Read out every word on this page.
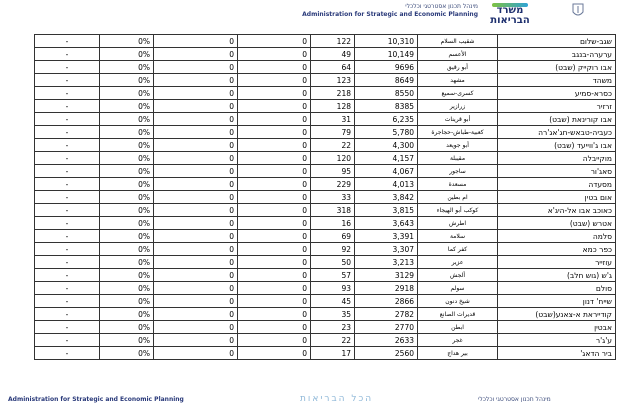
מינהל תכנון אסטרטגי וכלכלי
Administration for Strategic and Economic Planning	משרד הבריאות
שגב-שלום	شقيب السلام	10,310	122	0	0	0%	-
ערערה-בנגב	الأعسم	10,149	49	0	0	0%	-
אבו רוקייק (שבט)	أبو رقيق	9696	64	0	0	0%	-
משהד	مشهد	8649	123	0	0	0%	-
כסרא-סמיע	كسرى-سميع	8550	218	0	0	0%	-
זרזיר	زرازير	8385	128	0	0	0%	-
אבו קורינאת (שבט)	أبو قرينات	6,235	31	0	0	0%	-
כעביה-טבאש-חג'אג'רה	كعبية-طباش-حجاجرة	5,780	79	0	0	0%	-
אבו ג'ווייעד (שבט)	أبو جويعد	4,300	22	0	0	0%	-
מוקייבלה	مقيبلة	4,157	120	0	0	0%	-
סאג'ור	ساجور	4,067	95	0	0	0%	-
מסעדה	مسعدة	4,013	229	0	0	0%	-
אום בטין	ام بطين	3,842	33	0	0	0%	-
כאוכב אבו אל-היג'א	كوكب أبو الهيجاء	3,815	318	0	0	0%	-
אטרש (שבט)	اطرش	3,643	16	0	0	0%	-
סלמה	سلامة	3,391	69	0	0	0%	-
כפר כמא	كفر كما	3,307	92	0	0	0%	-
עוזייר	عزير	3,213	50	0	0	0%	-
ג'ש (גוש חלב)	ألجش	3129	57	0	0	0%	-
סולם	سولم	2918	93	0	0	0%	-
שייח' דנון	شيخ دنون	2866	45	0	0	0%	-
קודייראת א-צאנע(שבט)	قديرات الصانع	2782	35	0	0	0%	-
אבטין	ابطن	2770	23	0	0	0%	-
ע'ג'ר	غجر	2633	22	0	0	0%	-
ביר הדאג'	بير هداج	2560	17	0	0	0%	-
Administration for Strategic and Economic Planning	הכל הבריאות	מינהל תכנון אסטרטגי וכלכלי
